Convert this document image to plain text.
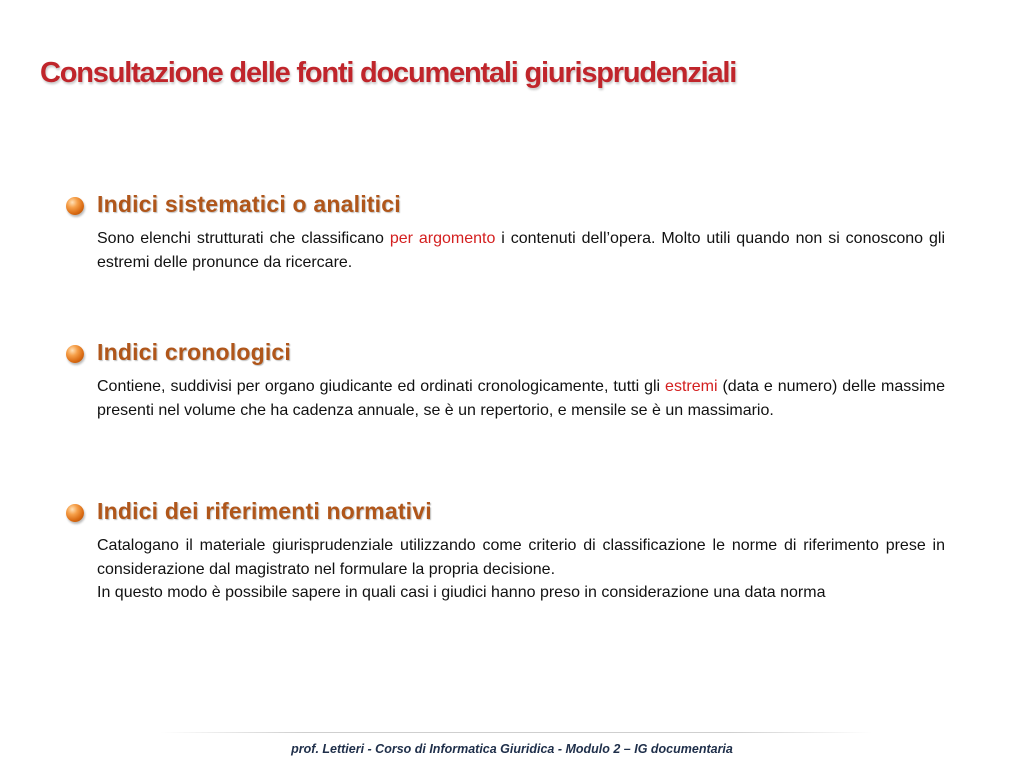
Consultazione delle fonti documentali giurisprudenziali
Indici sistematici o analitici

Sono elenchi strutturati che classificano per argomento i contenuti dell’opera. Molto utili quando non si conoscono gli estremi delle pronunce da ricercare.

Indici cronologici

Contiene, suddivisi per organo giudicante ed ordinati cronologicamente, tutti gli estremi (data e numero) delle massime presenti nel volume che ha cadenza annuale, se è un repertorio, e mensile se è un massimario.

Indici dei riferimenti normativi

Catalogano il materiale giurisprudenziale utilizzando come criterio di classificazione le norme di riferimento prese in considerazione dal magistrato nel formulare la propria decisione.

In questo modo è possibile sapere in quali casi i giudici hanno preso in considerazione una data norma

prof. Lettieri - Corso di Informatica Giuridica - Modulo 2 – IG documentaria
